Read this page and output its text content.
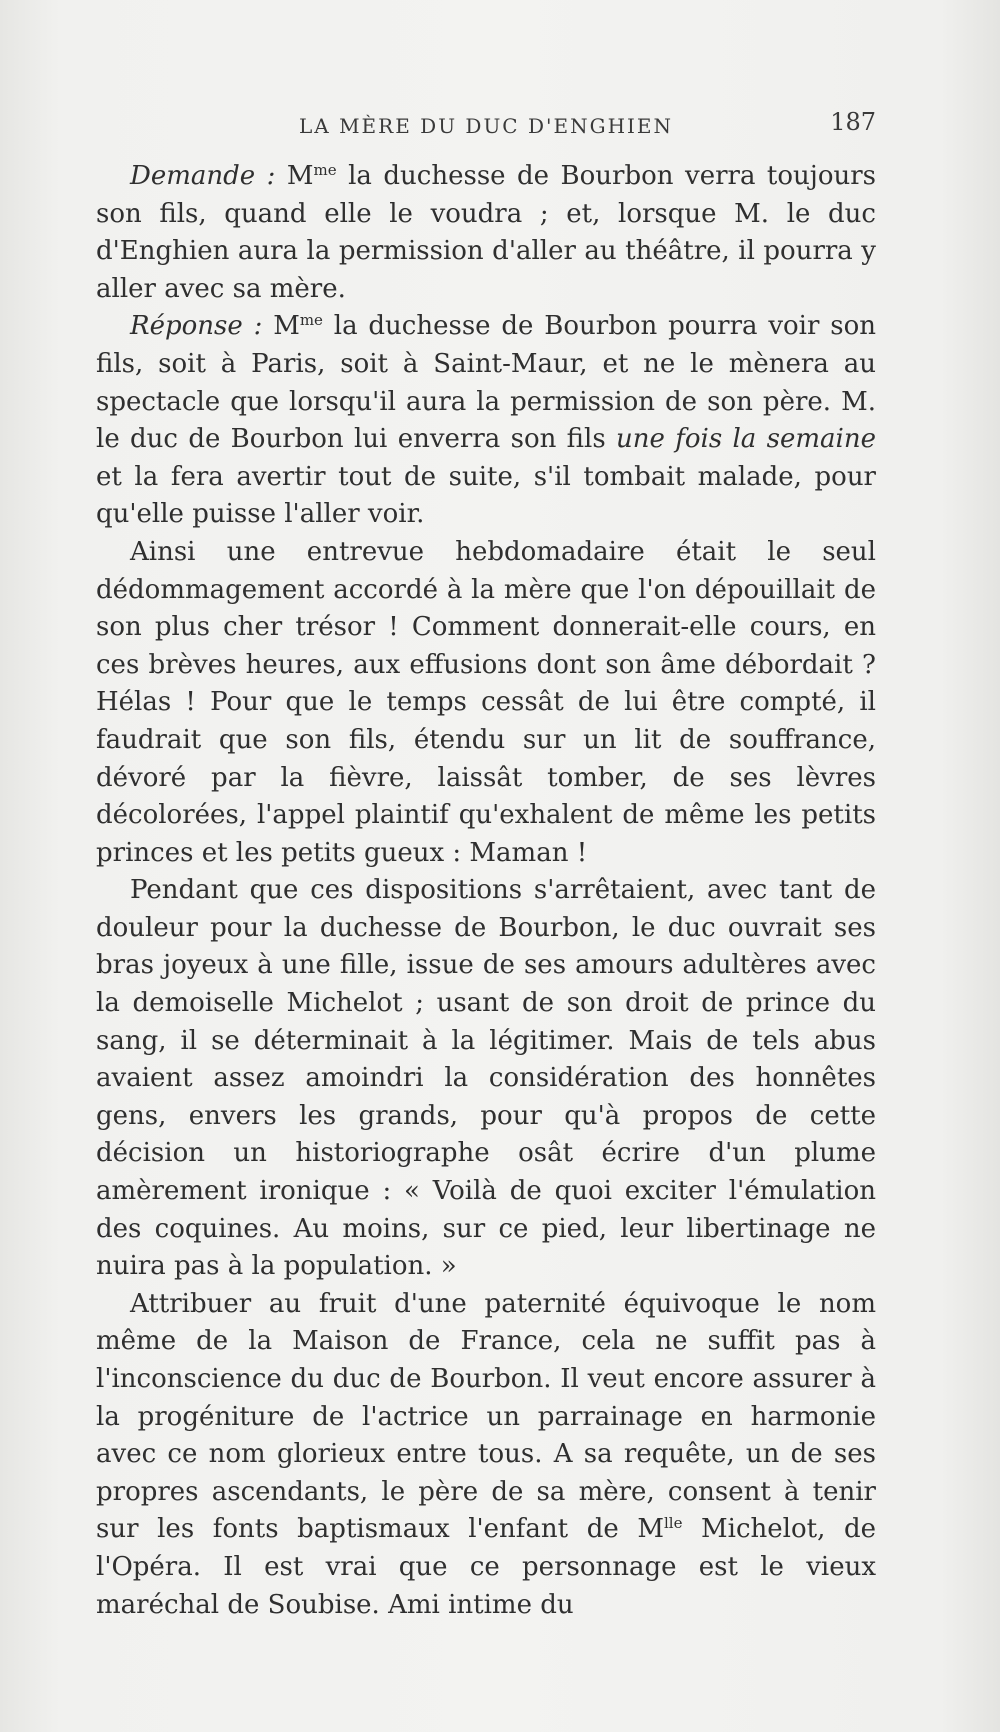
LA MÈRE DU DUC D'ENGHIEN	187

Demande : $M^{me}$ la duchesse de Bourbon verra toujours son fils, quand elle le voudra ; et, lorsque M. le duc d'Enghien aura la permission d'aller au théâtre, il pourra y aller avec sa mère.

Réponse : $M^{me}$ la duchesse de Bourbon pourra voir son fils, soit à Paris, soit à Saint-Maur, et ne le mènera au spectacle que lorsqu'il aura la permission de son père. M. le duc de Bourbon lui enverra son fils une fois la semaine et la fera avertir tout de suite, s'il tombait malade, pour qu'elle puisse l'aller voir.

Ainsi une entrevue hebdomadaire était le seul dédommagement accordé à la mère que l'on dépouillait de son plus cher trésor ! Comment donnerait-elle cours, en ces brèves heures, aux effusions dont son âme débordait ? Hélas ! Pour que le temps cessât de lui être compté, il faudrait que son fils, étendu sur un lit de souffrance, dévoré par la fièvre, laissât tomber, de ses lèvres décolorées, l'appel plaintif qu'exhalent de même les petits princes et les petits gueux : Maman !

Pendant que ces dispositions s'arrêtaient, avec tant de douleur pour la duchesse de Bourbon, le duc ouvrait ses bras joyeux à une fille, issue de ses amours adultères avec la demoiselle Michelot ; usant de son droit de prince du sang, il se déterminait à la légitimer. Mais de tels abus avaient assez amoindri la considération des honnêtes gens, envers les grands, pour qu'à propos de cette décision un historiographe osât écrire d'un plume amèrement ironique : « Voilà de quoi exciter l'émulation des coquines. Au moins, sur ce pied, leur libertinage ne nuira pas à la population. »

Attribuer au fruit d'une paternité équivoque le nom même de la Maison de France, cela ne suffit pas à l'inconscience du duc de Bourbon. Il veut encore assurer à la progéniture de l'actrice un parrainage en harmonie avec ce nom glorieux entre tous. A sa requête, un de ses propres ascendants, le père de sa mère, consent à tenir sur les fonts baptismaux l'enfant de $M^{lle}$ Michelot, de l'Opéra. Il est vrai que ce personnage est le vieux maréchal de Soubise. Ami intime du
